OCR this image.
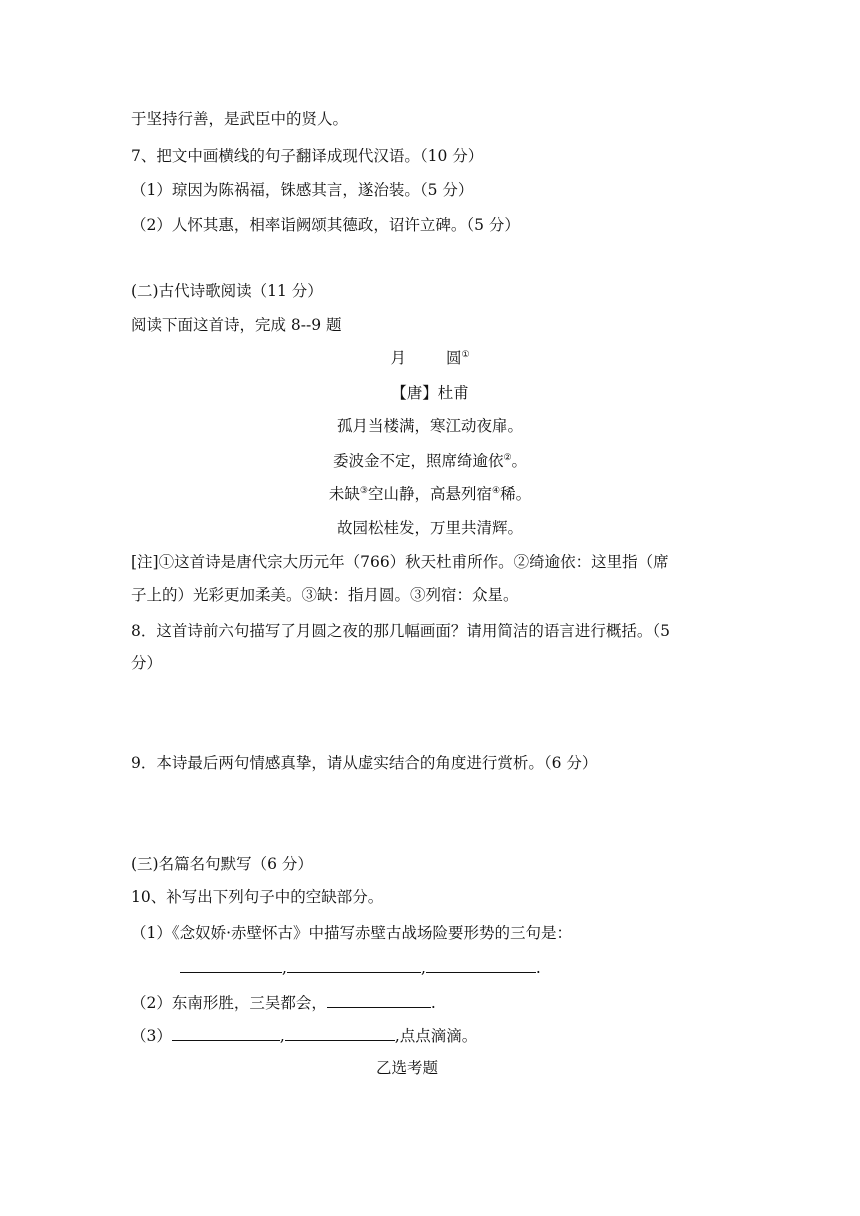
于坚持行善，是武臣中的贤人。
7、把文中画横线的句子翻译成现代汉语。（10 分）
（1）琼因为陈祸福，铢感其言，遂治装。（5 分）
（2）人怀其惠，相率诣阙颂其德政，诏许立碑。（5 分）
(二)古代诗歌阅读（11 分）
阅读下面这首诗，完成 8--9 题
月	圆①
【唐】杜甫
孤月当楼满，寒江动夜扉。
委波金不定，照席绮逾依②。
未缺③空山静，高悬列宿④稀。
故园松桂发，万里共清辉。
[注]①这首诗是唐代宗大历元年（766）秋天杜甫所作。②绮逾依：这里指（席
子上的）光彩更加柔美。③缺：指月圆。③列宿：众星。
8．这首诗前六句描写了月圆之夜的那几幅画面？请用简洁的语言进行概括。（5
分）
9．本诗最后两句情感真挚，请从虚实结合的角度进行赏析。（6 分）
(三)名篇名句默写（6 分）
10、补写出下列句子中的空缺部分。
（1）《念奴娇·赤壁怀古》中描写赤壁古战场险要形势的三句是：
,	,	.
（2）东南形胜，三吴都会，	.
（3）	,	,点点滴滴。
乙选考题
